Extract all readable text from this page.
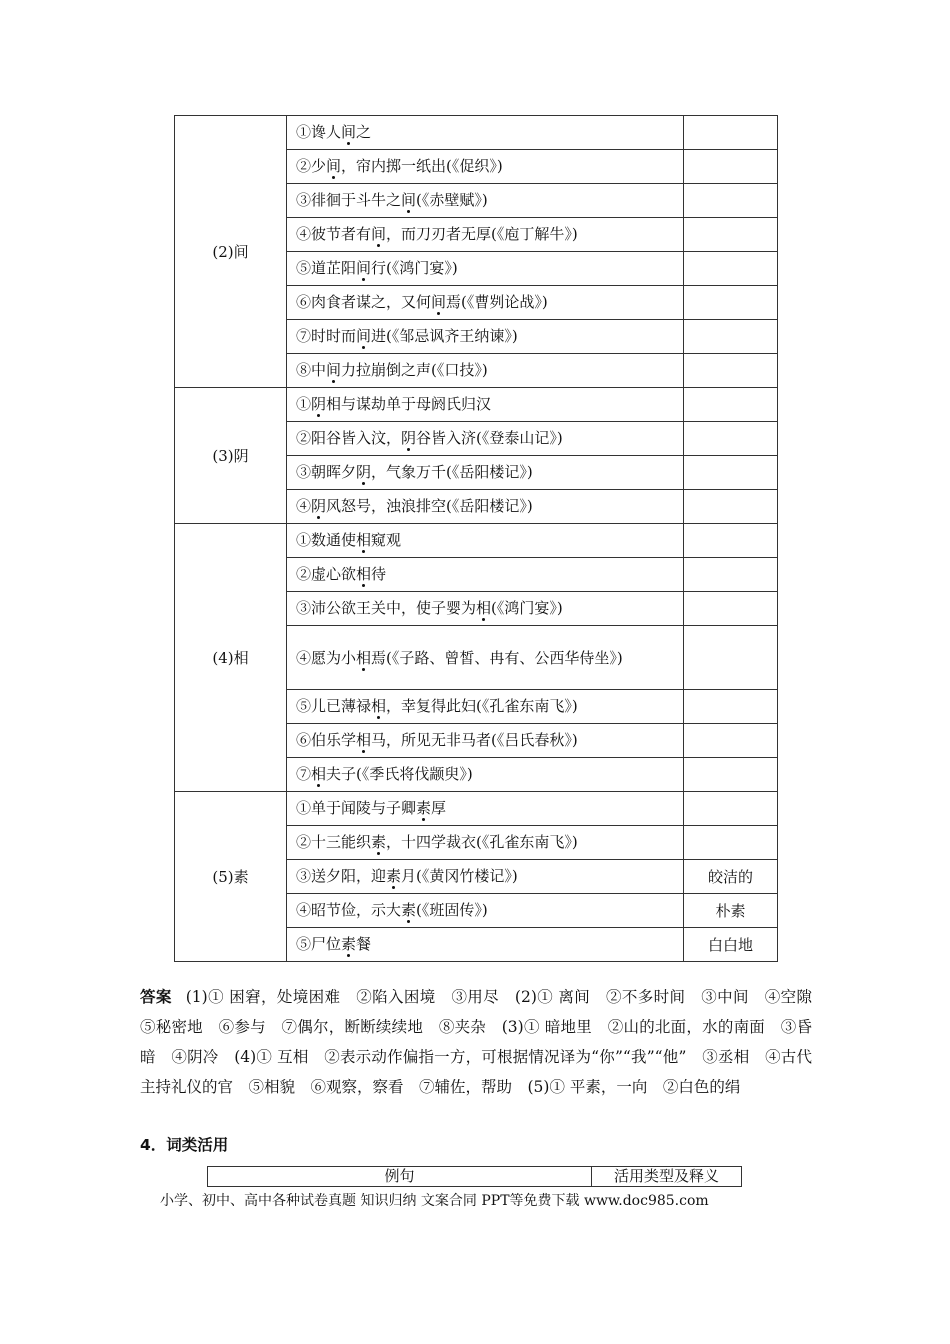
(2)间	①谗人间之	
	②少间，帘内掷一纸出(《促织》)	
	③徘徊于斗牛之间(《赤壁赋》)	
	④彼节者有间，而刀刃者无厚(《庖丁解牛》)	
	⑤道芷阳间行(《鸿门宴》)	
	⑥肉食者谋之，又何间焉(《曹刿论战》)	
	⑦时时而间进(《邹忌讽齐王纳谏》)	
	⑧中间力拉崩倒之声(《口技》)	
(3)阴	①阴相与谋劫单于母阏氏归汉	
	②阳谷皆入汶，阴谷皆入济(《登泰山记》)	
	③朝晖夕阴，气象万千(《岳阳楼记》)	
	④阴风怒号，浊浪排空(《岳阳楼记》)	
(4)相	①数通使相窥观	
	②虚心欲相待	
	③沛公欲王关中，使子婴为相(《鸿门宴》)	
	④愿为小相焉(《子路、曾皙、冉有、公西华侍坐》)	
	⑤儿已薄禄相，幸复得此妇(《孔雀东南飞》)	
	⑥伯乐学相马，所见无非马者(《吕氏春秋》)	
	⑦相夫子(《季氏将伐颛臾》)	
(5)素	①单于闻陵与子卿素厚	
	②十三能织素，十四学裁衣(《孔雀东南飞》)	
	③送夕阳，迎素月(《黄冈竹楼记》)	皎洁的
	④昭节俭，示大素(《班固传》)	朴素
	⑤尸位素餐	白白地
答案 (1)① 困窘，处境困难　②陷入困境　③用尽　(2)① 离间　②不多时间　③中间　④空隙　⑤秘密地　⑥参与　⑦偶尔，断断续续地　⑧夹杂　(3)① 暗地里　②山的北面，水的南面　③昏暗　④阴冷　(4)① 互相　②表示动作偏指一方，可根据情况译为“你”“我”“他”　③丞相　④古代主持礼仪的官　⑤相貌　⑥观察，察看　⑦辅佐，帮助　(5)① 平素，一向　②白色的绢
4．词类活用
例句	活用类型及释义
小学、初中、高中各种试卷真题 知识归纳 文案合同 PPT等免费下载 www.doc985.com
